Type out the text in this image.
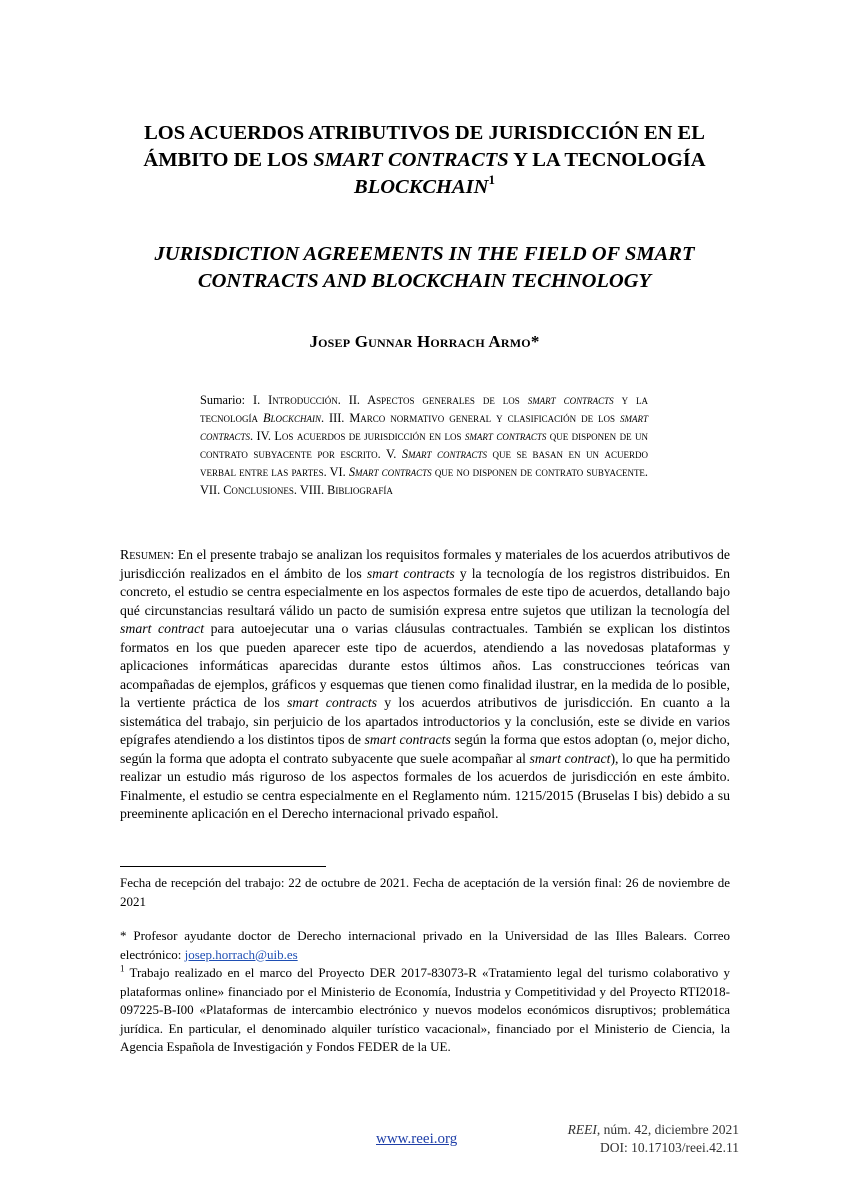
LOS ACUERDOS ATRIBUTIVOS DE JURISDICCIÓN EN EL ÁMBITO DE LOS SMART CONTRACTS Y LA TECNOLOGÍA BLOCKCHAIN$^1$
JURISDICTION AGREEMENTS IN THE FIELD OF SMART CONTRACTS AND BLOCKCHAIN TECHNOLOGY
Josep Gunnar Horrach Armo*
Sumario: I. Introducción. II. Aspectos generales de los smart contracts y la tecnología Blockchain. III. Marco normativo general y clasificación de los smart contracts. IV. Los acuerdos de jurisdicción en los smart contracts que disponen de un contrato subyacente por escrito. V. Smart contracts que se basan en un acuerdo verbal entre las partes. VI. Smart contracts que no disponen de contrato subyacente. VII. Conclusiones. VIII. Bibliografía
Resumen: En el presente trabajo se analizan los requisitos formales y materiales de los acuerdos atributivos de jurisdicción realizados en el ámbito de los smart contracts y la tecnología de los registros distribuidos. En concreto, el estudio se centra especialmente en los aspectos formales de este tipo de acuerdos, detallando bajo qué circunstancias resultará válido un pacto de sumisión expresa entre sujetos que utilizan la tecnología del smart contract para autoejecutar una o varias cláusulas contractuales. También se explican los distintos formatos en los que pueden aparecer este tipo de acuerdos, atendiendo a las novedosas plataformas y aplicaciones informáticas aparecidas durante estos últimos años. Las construcciones teóricas van acompañadas de ejemplos, gráficos y esquemas que tienen como finalidad ilustrar, en la medida de lo posible, la vertiente práctica de los smart contracts y los acuerdos atributivos de jurisdicción. En cuanto a la sistemática del trabajo, sin perjuicio de los apartados introductorios y la conclusión, este se divide en varios epígrafes atendiendo a los distintos tipos de smart contracts según la forma que estos adoptan (o, mejor dicho, según la forma que adopta el contrato subyacente que suele acompañar al smart contract), lo que ha permitido realizar un estudio más riguroso de los aspectos formales de los acuerdos de jurisdicción en este ámbito. Finalmente, el estudio se centra especialmente en el Reglamento núm. 1215/2015 (Bruselas I bis) debido a su preeminente aplicación en el Derecho internacional privado español.

Fecha de recepción del trabajo: 22 de octubre de 2021. Fecha de aceptación de la versión final: 26 de noviembre de 2021

* Profesor ayudante doctor de Derecho internacional privado en la Universidad de las Illes Balears. Correo electrónico: josep.horrach@uib.es

$^1$ Trabajo realizado en el marco del Proyecto DER 2017-83073-R «Tratamiento legal del turismo colaborativo y plataformas online» financiado por el Ministerio de Economía, Industria y Competitividad y del Proyecto RTI2018-097225-B-I00 «Plataformas de intercambio electrónico y nuevos modelos económicos disruptivos; problemática jurídica. En particular, el denominado alquiler turístico vacacional», financiado por el Ministerio de Ciencia, la Agencia Española de Investigación y Fondos FEDER de la UE.

www.reei.org
REEI, núm. 42, diciembre 2021
DOI: 10.17103/reei.42.11
